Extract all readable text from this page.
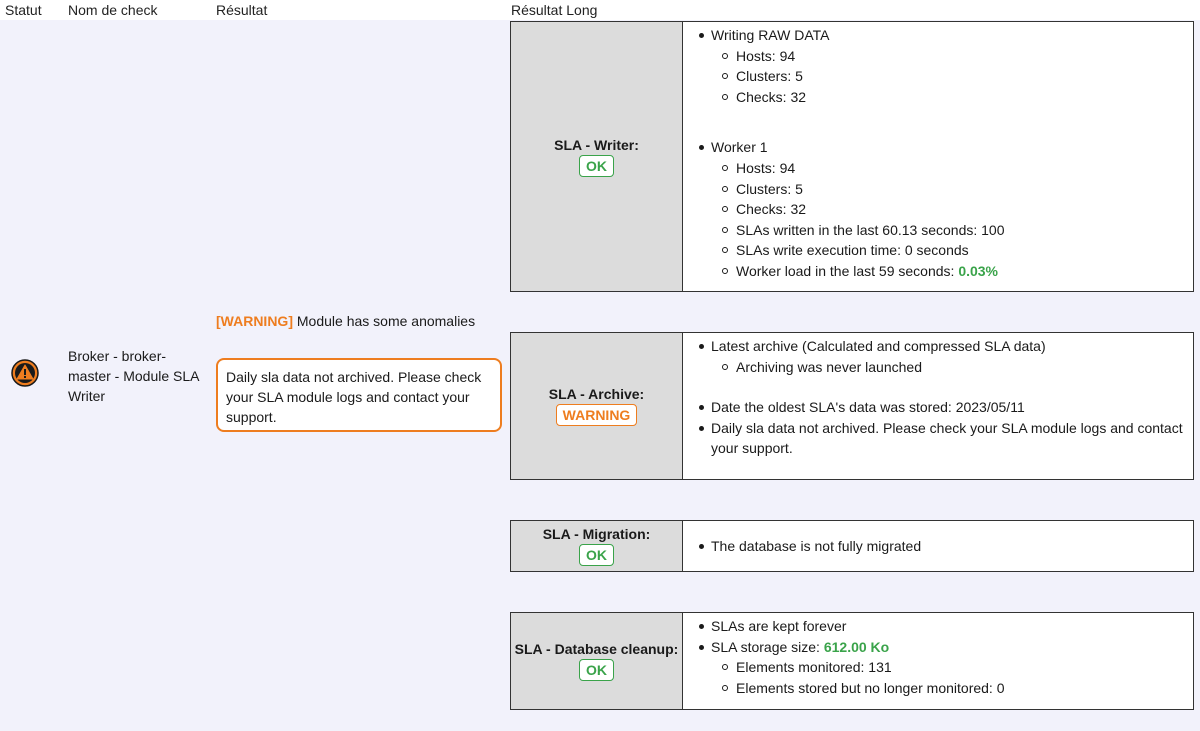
Statut Nom de check	Résultat	Résultat Long
Broker - broker-master - Module SLA Writer
[WARNING] Module has some anomalies
Daily sla data not archived. Please check your SLA module logs and contact your support.
SLA - Writer:
OK
Writing RAW DATA
Hosts: 94
Clusters: 5
Checks: 32
Worker 1
Hosts: 94
Clusters: 5
Checks: 32
SLAs written in the last 60.13 seconds: 100
SLAs write execution time: 0 seconds
Worker load in the last 59 seconds: 0.03%
SLA - Archive:
WARNING
Latest archive (Calculated and compressed SLA data)
Archiving was never launched
Date the oldest SLA's data was stored: 2023/05/11
Daily sla data not archived. Please check your SLA module logs and contact your support.
SLA - Migration:
OK
The database is not fully migrated
SLA - Database cleanup:
OK
SLAs are kept forever
SLA storage size: 612.00 Ko
Elements monitored: 131
Elements stored but no longer monitored: 0
